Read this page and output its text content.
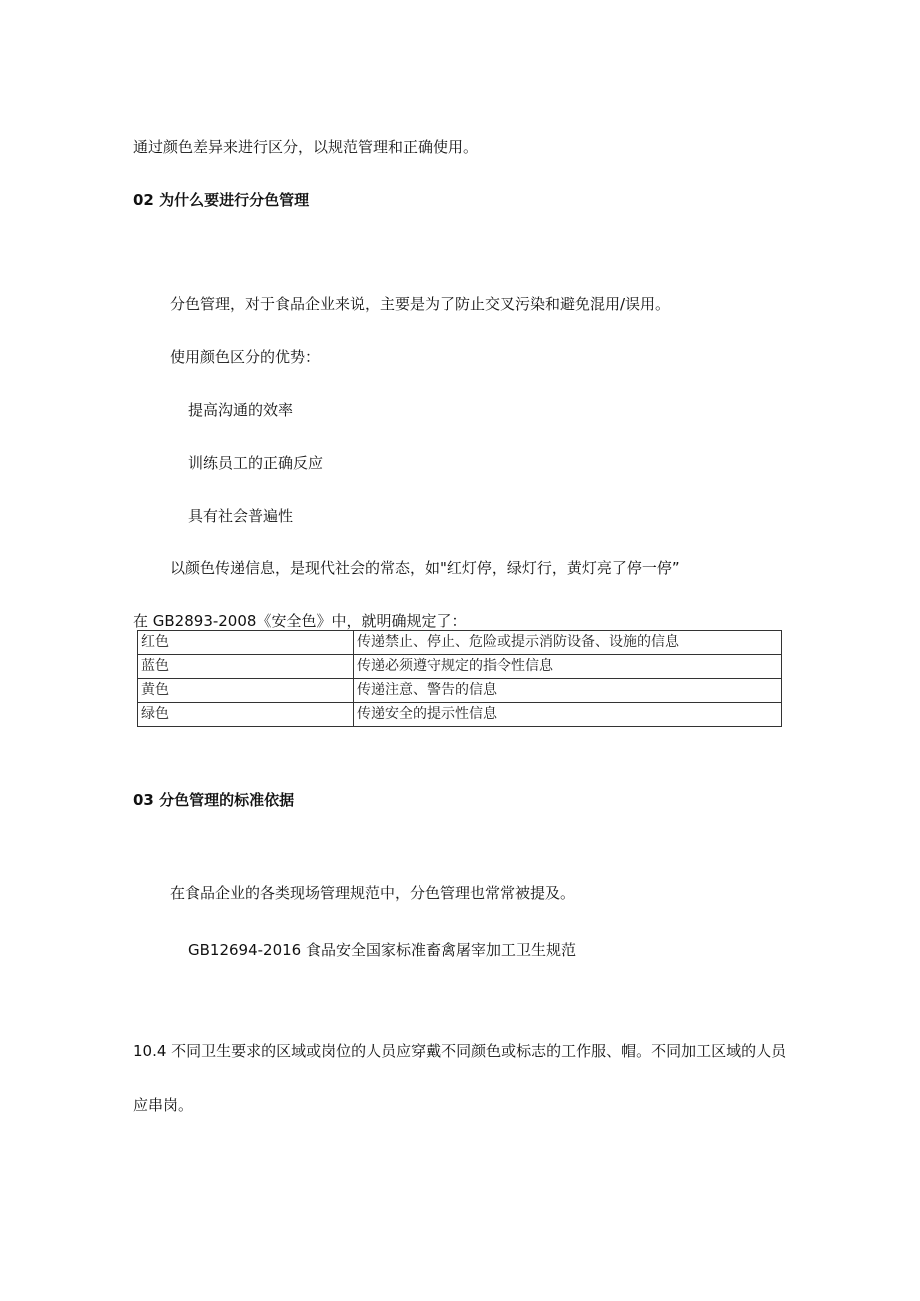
通过颜色差异来进行区分，以规范管理和正确使用。

02 为什么要进行分色管理

分色管理，对于食品企业来说，主要是为了防止交叉污染和避免混用/误用。

使用颜色区分的优势：

提高沟通的效率

训练员工的正确反应

具有社会普遍性

以颜色传递信息，是现代社会的常态，如"红灯停，绿灯行，黄灯亮了停一停”

在 GB2893-2008《安全色》中，就明确规定了：

红色	传递禁止、停止、危险或提示消防设备、设施的信息
蓝色	传递必须遵守规定的指令性信息
黄色	传递注意、警告的信息
绿色	传递安全的提示性信息

03 分色管理的标准依据

在食品企业的各类现场管理规范中，分色管理也常常被提及。

GB12694-2016 食品安全国家标准畜禽屠宰加工卫生规范

10.4 不同卫生要求的区域或岗位的人员应穿戴不同颜色或标志的工作服、帽。不同加工区域的人员应串岗。
